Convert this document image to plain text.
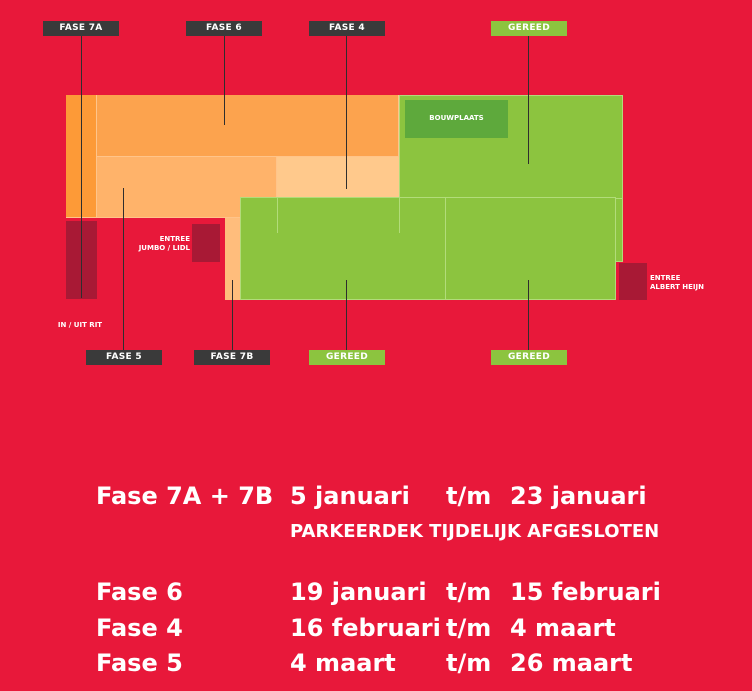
BOUWPLAATS
ENTREE
JUMBO / LIDL
ENTREE
ALBERT HEIJN
IN / UIT RIT
FASE 7A	FASE 6	FASE 4	GEREED
FASE 5	FASE 7B	GEREED	GEREED
Fase 7A + 7B 5 januari t/m 23 januari
PARKEERDEK TIJDELIJK AFGESLOTEN
Fase 6	19 januari t/m 15 februari
Fase 4	16 februari t/m 4 maart
Fase 5	4 maart t/m 26 maart
